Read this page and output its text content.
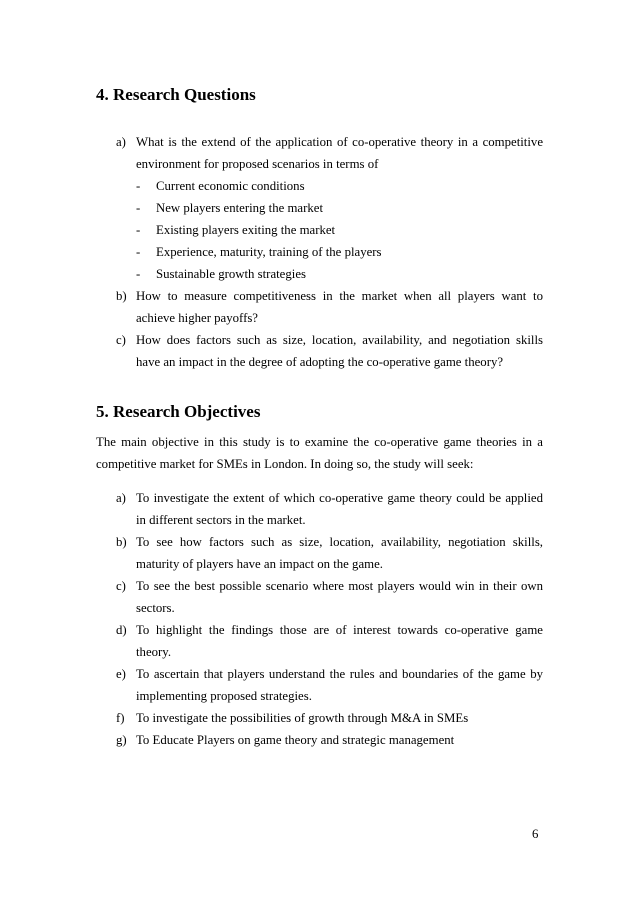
4. Research Questions
a) What is the extend of the application of co-operative theory in a competitive environment for proposed scenarios in terms of
- Current economic conditions
- New players entering the market
- Existing players exiting the market
- Experience, maturity, training of the players
- Sustainable growth strategies
b) How to measure competitiveness in the market when all players want to achieve higher payoffs?
c) How does factors such as size, location, availability, and negotiation skills have an impact in the degree of adopting the co-operative game theory?
5. Research Objectives

The main objective in this study is to examine the co-operative game theories in a competitive market for SMEs in London. In doing so, the study will seek:

a) To investigate the extent of which co-operative game theory could be applied in different sectors in the market.
b) To see how factors such as size, location, availability, negotiation skills, maturity of players have an impact on the game.
c) To see the best possible scenario where most players would win in their own sectors.
d) To highlight the findings those are of interest towards co-operative game theory.
e) To ascertain that players understand the rules and boundaries of the game by implementing proposed strategies.
f) To investigate the possibilities of growth through M&A in SMEs
g) To Educate Players on game theory and strategic management
6
